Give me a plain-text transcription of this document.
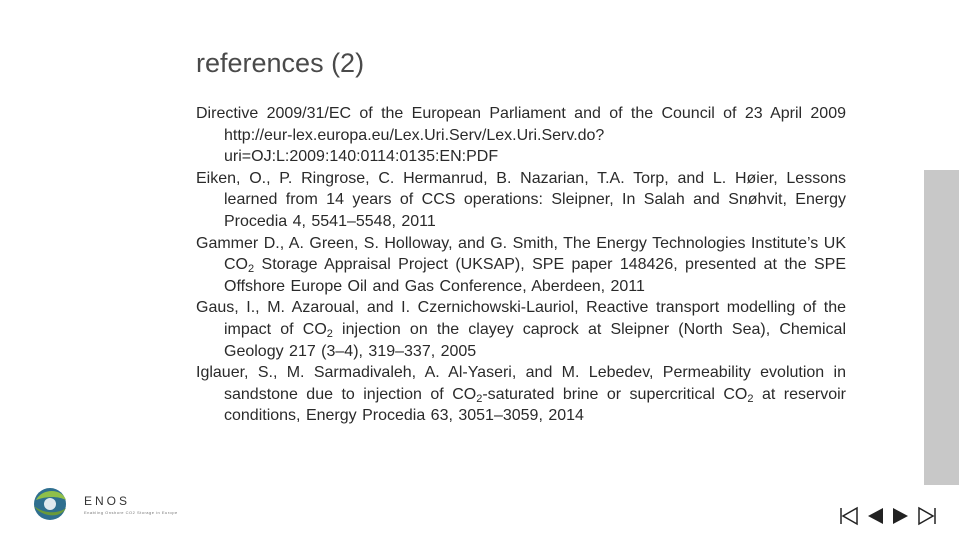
references (2)

Directive 2009/31/EC of the European Parliament and of the Council of 23 April 2009 http://eur-lex.europa.eu/Lex.Uri.Serv/Lex.Uri.Serv.do?uri=OJ:L:2009:140:0114:0135:EN:PDF

Eiken, O., P. Ringrose, C. Hermanrud, B. Nazarian, T.A. Torp, and L. Høier, Lessons learned from 14 years of CCS operations: Sleipner, In Salah and Snøhvit, Energy Procedia 4, 5541–5548, 2011

Gammer D., A. Green, S. Holloway, and G. Smith, The Energy Technologies Institute’s UK $CO_2$ Storage Appraisal Project (UKSAP), SPE paper 148426, presented at the SPE Offshore Europe Oil and Gas Conference, Aberdeen, 2011

Gaus, I., M. Azaroual, and I. Czernichowski-Lauriol, Reactive transport modelling of the impact of $CO_2$ injection on the clayey caprock at Sleipner (North Sea), Chemical Geology 217 (3–4), 319–337, 2005

Iglauer, S., M. Sarmadivaleh, A. Al-Yaseri, and M. Lebedev, Permeability evolution in sandstone due to injection of $CO_2$-saturated brine or supercritical $CO_2$ at reservoir conditions, Energy Procedia 63, 3051–3059, 2014

ENOS
Enabling Onshore CO2 Storage in Europe
